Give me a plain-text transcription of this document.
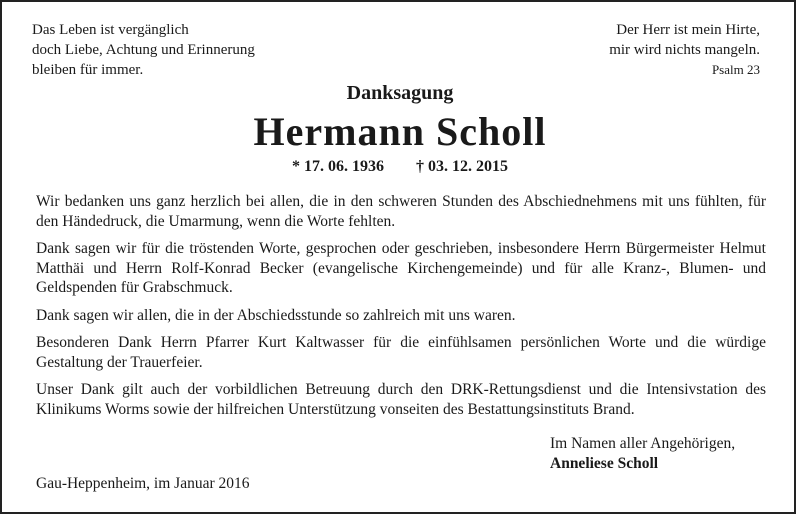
Das Leben ist vergänglich
doch Liebe, Achtung und Erinnerung
bleiben für immer.
Der Herr ist mein Hirte,
mir wird nichts mangeln.
Psalm 23
Danksagung
Hermann Scholl
* 17. 06. 1936 † 03. 12. 2015

Wir bedanken uns ganz herzlich bei allen, die in den schweren Stunden des Abschiednehmens mit uns fühlten, für den Händedruck, die Umarmung, wenn die Worte fehlten.

Dank sagen wir für die tröstenden Worte, gesprochen oder geschrieben, insbesondere Herrn Bürgermeister Helmut Matthäi und Herrn Rolf-Konrad Becker (evangelische Kirchengemeinde) und für alle Kranz-, Blumen- und Geldspenden für Grabschmuck.

Dank sagen wir allen, die in der Abschiedsstunde so zahlreich mit uns waren.

Besonderen Dank Herrn Pfarrer Kurt Kaltwasser für die einfühlsamen persönlichen Worte und die würdige Gestaltung der Trauerfeier.

Unser Dank gilt auch der vorbildlichen Betreuung durch den DRK-Rettungsdienst und die Intensivstation des Klinikums Worms sowie der hilfreichen Unterstützung vonseiten des Bestattungsinstituts Brand.

Im Namen aller Angehörigen,
Anneliese Scholl
Gau-Heppenheim, im Januar 2016
